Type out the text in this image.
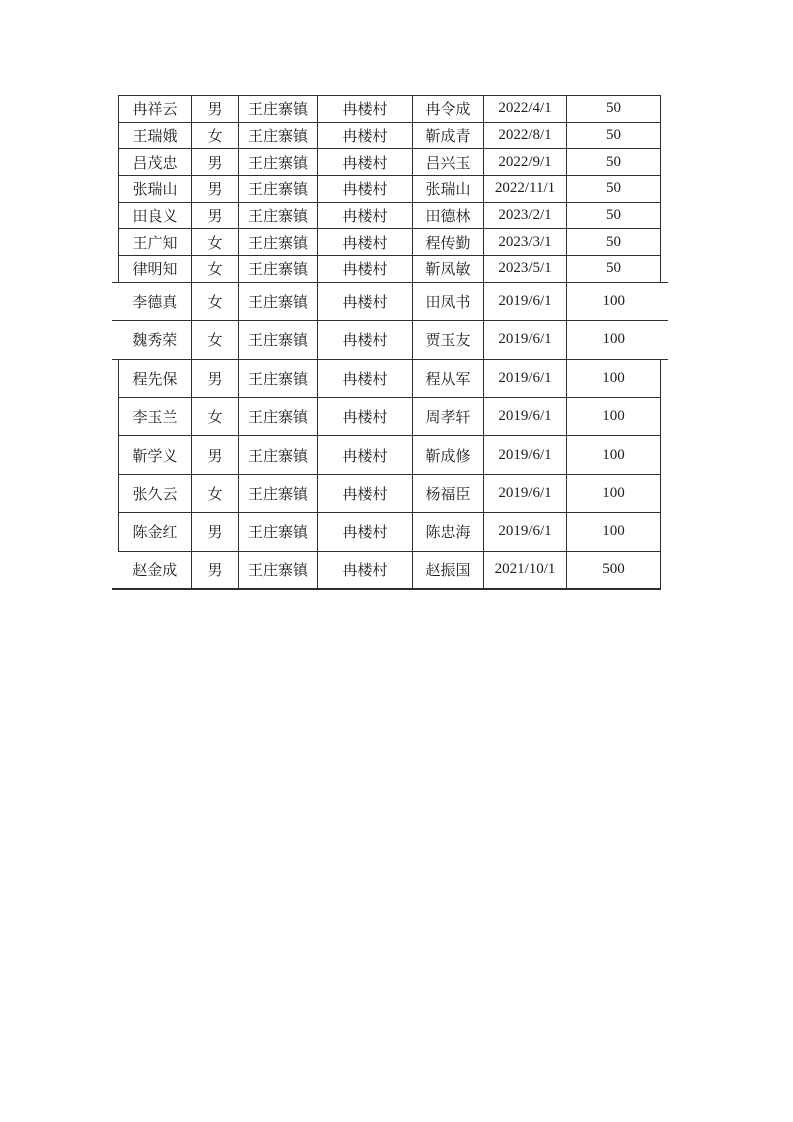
冉祥云	男	王庄寨镇	冉楼村	冉令成	2022/4/1	50
王瑞娥	女	王庄寨镇	冉楼村	靳成青	2022/8/1	50
吕茂忠	男	王庄寨镇	冉楼村	吕兴玉	2022/9/1	50
张瑞山	男	王庄寨镇	冉楼村	张瑞山	2022/11/1	50
田良义	男	王庄寨镇	冉楼村	田德林	2023/2/1	50
王广知	女	王庄寨镇	冉楼村	程传勤	2023/3/1	50
律明知	女	王庄寨镇	冉楼村	靳凤敏	2023/5/1	50
李德真	女	王庄寨镇	冉楼村	田凤书	2019/6/1	100
魏秀荣	女	王庄寨镇	冉楼村	贾玉友	2019/6/1	100
程先保	男	王庄寨镇	冉楼村	程从军	2019/6/1	100
李玉兰	女	王庄寨镇	冉楼村	周孝轩	2019/6/1	100
靳学义	男	王庄寨镇	冉楼村	靳成修	2019/6/1	100
张久云	女	王庄寨镇	冉楼村	杨福臣	2019/6/1	100
陈金红	男	王庄寨镇	冉楼村	陈忠海	2019/6/1	100
赵金成	男	王庄寨镇	冉楼村	赵振国	2021/10/1	500
